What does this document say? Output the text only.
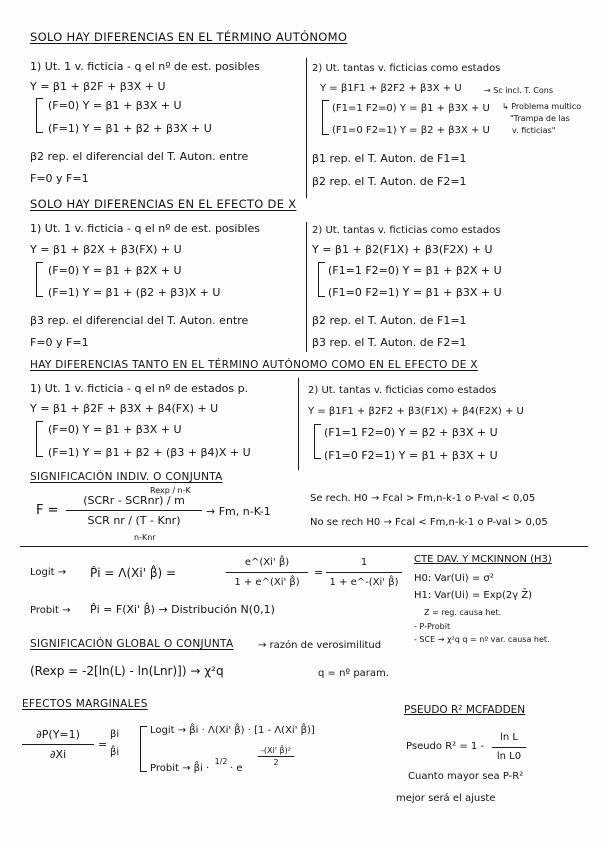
SOLO HAY DIFERENCIAS EN EL TÉRMINO AUTÓNOMO
1) Ut. 1 v. ficticia - q el nº de est. posibles
Y = β1 + β2F + β3X + U
(F=0) Y = β1 + β3X + U
(F=1) Y = β1 + β2 + β3X + U
β2 rep. el diferencial del T. Auton. entre
F=0 y F=1
2) Ut. tantas v. ficticias como estados
Y = β1F1 + β2F2 + β3X + U	→ Sc incl. T. Cons
(F1=1 F2=0) Y = β1 + β3X + U
(F1=0 F2=1) Y = β2 + β3X + U
↳ Problema multico
"Trampa de las
v. ficticias"
β1 rep. el T. Auton. de F1=1
β2 rep. el T. Auton. de F2=1
SOLO HAY DIFERENCIAS EN EL EFECTO DE X
1) Ut. 1 v. ficticia - q el nº de est. posibles
Y = β1 + β2X + β3(FX) + U
(F=0) Y = β1 + β2X + U
(F=1) Y = β1 + (β2 + β3)X + U
β3 rep. el diferencial del T. Auton. entre
F=0 y F=1
2) Ut. tantas v. ficticias como estados
Y = β1 + β2(F1X) + β3(F2X) + U
(F1=1 F2=0) Y = β1 + β2X + U
(F1=0 F2=1) Y = β1 + β3X + U
β2 rep. el T. Auton. de F1=1
β3 rep. el T. Auton. de F2=1
HAY DIFERENCIAS TANTO EN EL TÉRMINO AUTÓNOMO COMO EN EL EFECTO DE X
1) Ut. 1 v. ficticia - q el nº de estados p.
Y = β1 + β2F + β3X + β4(FX) + U
(F=0) Y = β1 + β3X + U
(F=1) Y = β1 + β2 + (β3 + β4)X + U
2) Ut. tantas v. ficticias como estados
Y = β1F1 + β2F2 + β3(F1X) + β4(F2X) + U
(F1=1 F2=0) Y = β2 + β3X + U
(F1=0 F2=1) Y = β1 + β3X + U
SIGNIFICACIÓN INDIV. O CONJUNTA
Rexp / n-K
F =
(SCRr - SCRnr) / m
SCR nr / (T - Knr)
n-Knr
→ Fm, n-K-1
Se rech. H0 → Fcal > Fm,n-k-1 o P-val < 0,05
No se rech H0 → Fcal < Fm,n-k-1 o P-val > 0,05
Logit → P̂i = Λ(Xi' β̂) =
e^(Xi' β̂)
1 + e^(Xi' β̂)
=
1
1 + e^-(Xi' β̂)
Probit → P̂i = F(Xi' β̂) → Distribución N(0,1)
CTE DAV. Y MCKINNON (H3)
H0: Var(Ui) = σ²
H1: Var(Ui) = Exp(2γ Z̄)
Z = reg. causa het.
- P-Probit
- SCE → χ²q q = nº var. causa het.
SIGNIFICACIÓN GLOBAL O CONJUNTA → razón de verosimilitud
(Rexp = -2[ln(L) - ln(Lnr)]) → χ²q	q = nº param.
EFECTOS MARGINALES
∂P(Y=1)
∂Xi
=
βi
β̂i
Logit → β̂i · Λ(Xi' β̂) · [1 - Λ(Xi' β̂)]
Probit → β̂i ·
1/2
· e
-(Xi' β̂)²
2
PSEUDO R² MCFADDEN
Pseudo R² = 1 -
ln L
ln L0
Cuanto mayor sea P-R²
mejor será el ajuste
